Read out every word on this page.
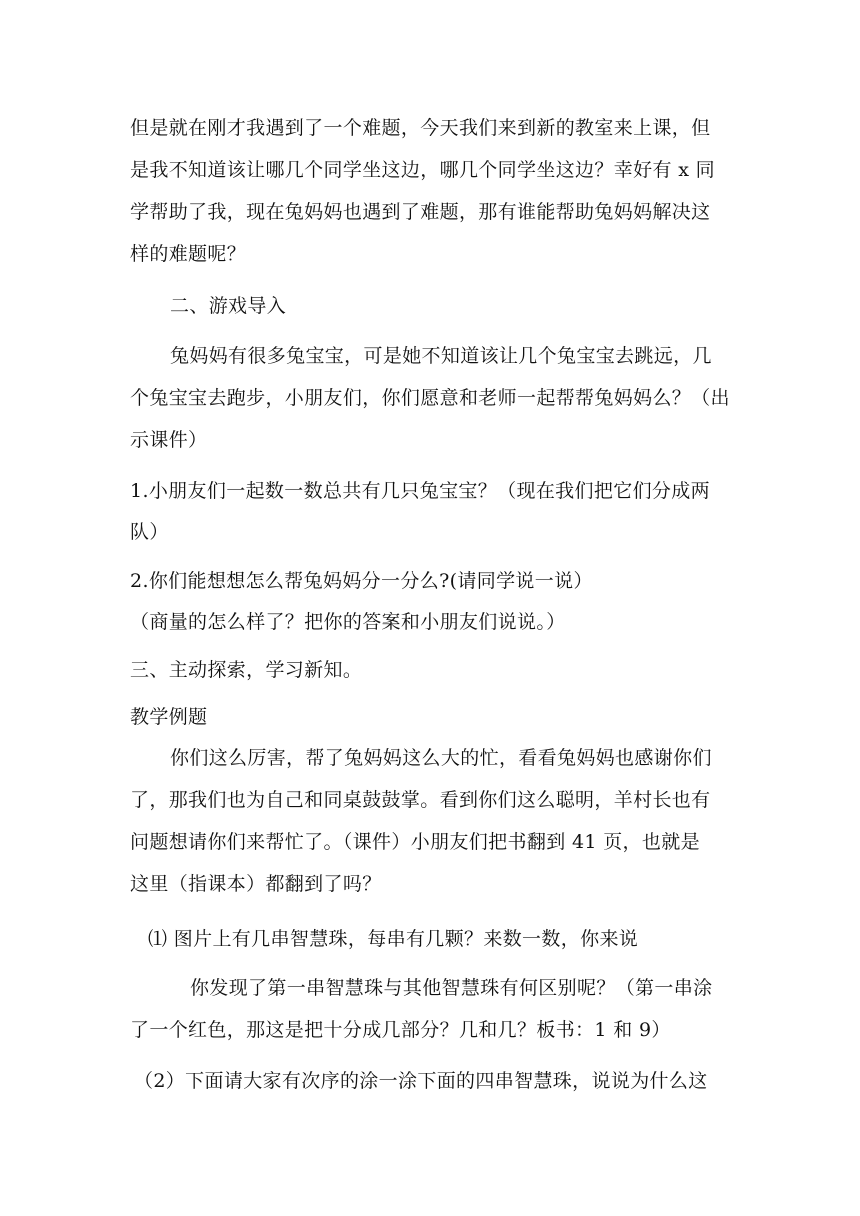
但是就在刚才我遇到了一个难题，今天我们来到新的教室来上课，但
是我不知道该让哪几个同学坐这边，哪几个同学坐这边？幸好有 x 同
学帮助了我，现在兔妈妈也遇到了难题，那有谁能帮助兔妈妈解决这
样的难题呢？
二、游戏导入
兔妈妈有很多兔宝宝，可是她不知道该让几个兔宝宝去跳远，几
个兔宝宝去跑步，小朋友们，你们愿意和老师一起帮帮兔妈妈么？（出
示课件）
1.小朋友们一起数一数总共有几只兔宝宝？（现在我们把它们分成两
队）
2.你们能想想怎么帮兔妈妈分一分么?(请同学说一说）
（商量的怎么样了？把你的答案和小朋友们说说。）
三、主动探索，学习新知。
教学例题
你们这么厉害，帮了兔妈妈这么大的忙，看看兔妈妈也感谢你们
了，那我们也为自己和同桌鼓鼓掌。看到你们这么聪明，羊村长也有
问题想请你们来帮忙了。（课件）小朋友们把书翻到 41 页，也就是
这里（指课本）都翻到了吗？
⑴ 图片上有几串智慧珠，每串有几颗？来数一数，你来说
你发现了第一串智慧珠与其他智慧珠有何区别呢？（第一串涂
了一个红色，那这是把十分成几部分？几和几？板书：1 和 9）
（2）下面请大家有次序的涂一涂下面的四串智慧珠，说说为什么这
